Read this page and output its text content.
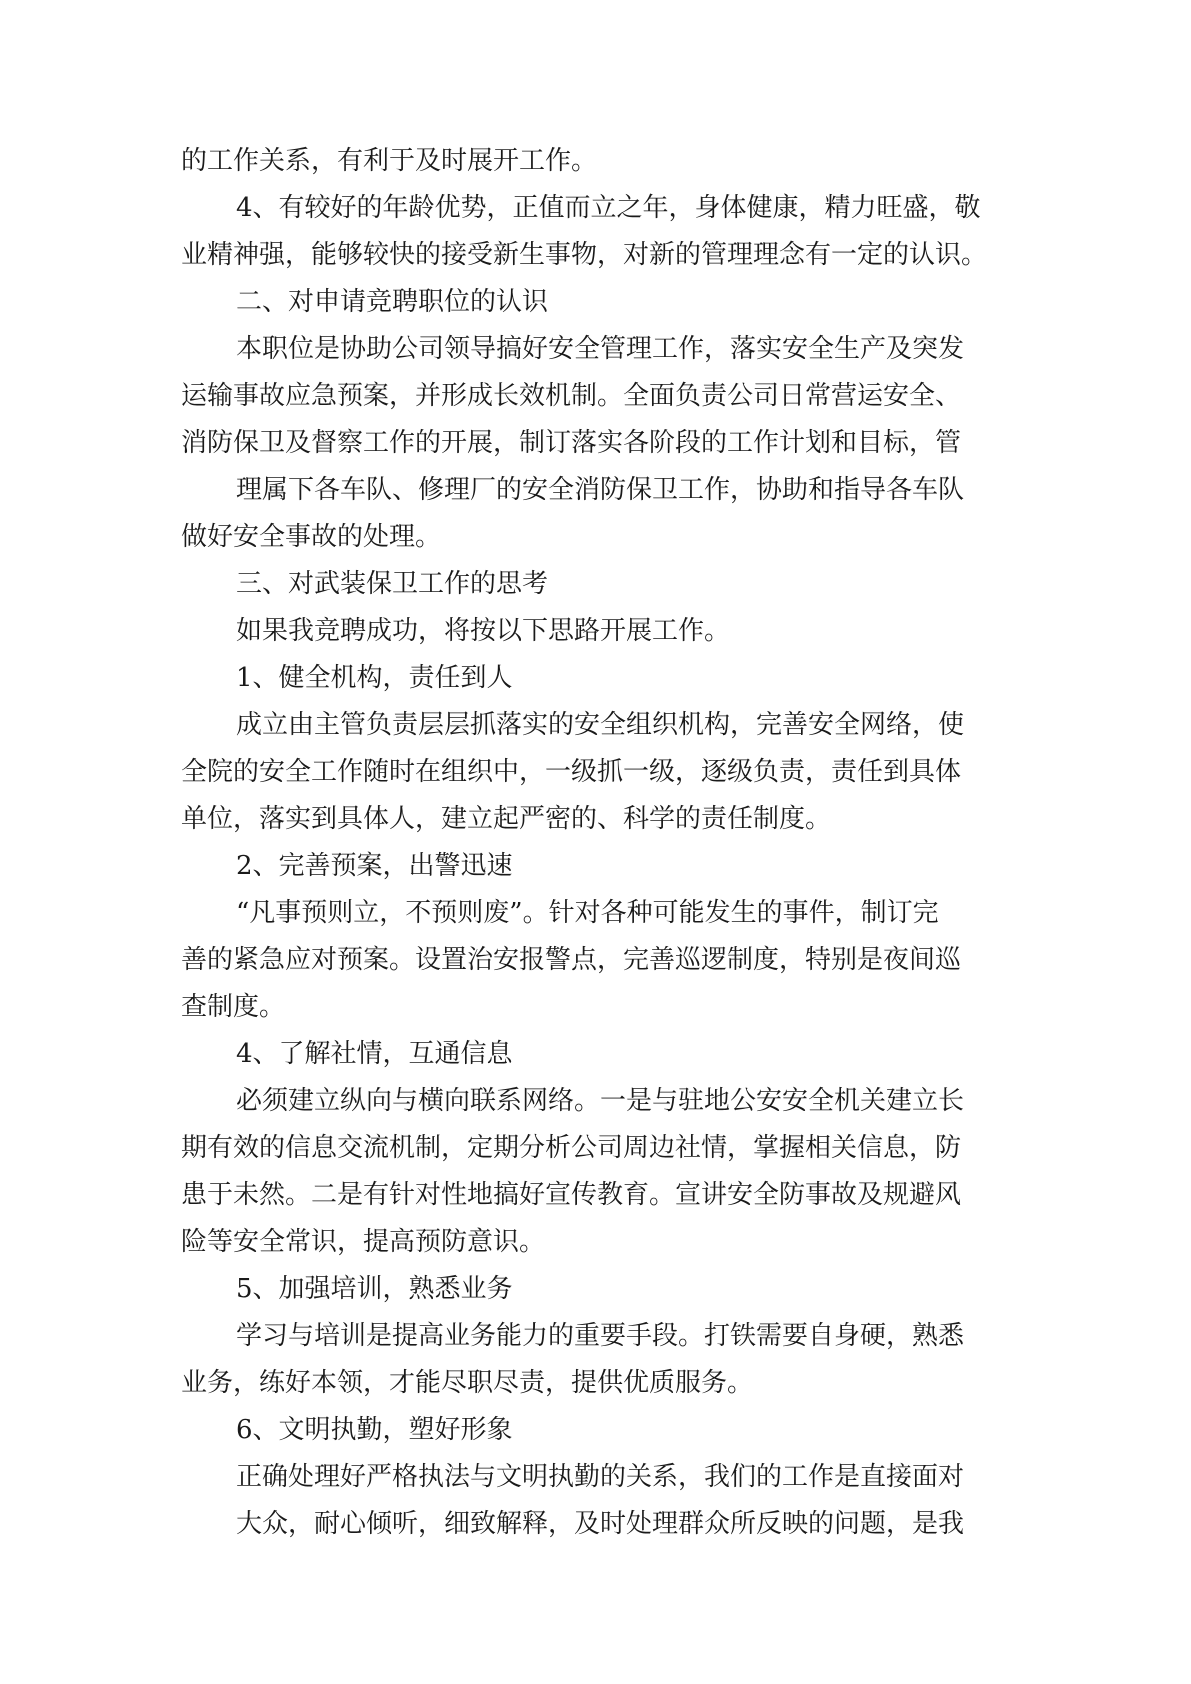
的工作关系，有利于及时展开工作。
4、有较好的年龄优势，正值而立之年，身体健康，精力旺盛，敬
业精神强，能够较快的接受新生事物，对新的管理理念有一定的认识。
二、对申请竞聘职位的认识
本职位是协助公司领导搞好安全管理工作，落实安全生产及突发
运输事故应急预案，并形成长效机制。全面负责公司日常营运安全、
消防保卫及督察工作的开展，制订落实各阶段的工作计划和目标，管
理属下各车队、修理厂的安全消防保卫工作，协助和指导各车队
做好安全事故的处理。
三、对武装保卫工作的思考
如果我竞聘成功，将按以下思路开展工作。
1、健全机构，责任到人
成立由主管负责层层抓落实的安全组织机构，完善安全网络，使
全院的安全工作随时在组织中，一级抓一级，逐级负责，责任到具体
单位，落实到具体人，建立起严密的、科学的责任制度。
2、完善预案，出警迅速
“凡事预则立，不预则废”。针对各种可能发生的事件，制订完
善的紧急应对预案。设置治安报警点，完善巡逻制度，特别是夜间巡
查制度。
4、了解社情，互通信息
必须建立纵向与横向联系网络。一是与驻地公安安全机关建立长
期有效的信息交流机制，定期分析公司周边社情，掌握相关信息，防
患于未然。二是有针对性地搞好宣传教育。宣讲安全防事故及规避风
险等安全常识，提高预防意识。
5、加强培训，熟悉业务
学习与培训是提高业务能力的重要手段。打铁需要自身硬，熟悉
业务，练好本领，才能尽职尽责，提供优质服务。
6、文明执勤，塑好形象
正确处理好严格执法与文明执勤的关系，我们的工作是直接面对
大众，耐心倾听，细致解释，及时处理群众所反映的问题，是我
